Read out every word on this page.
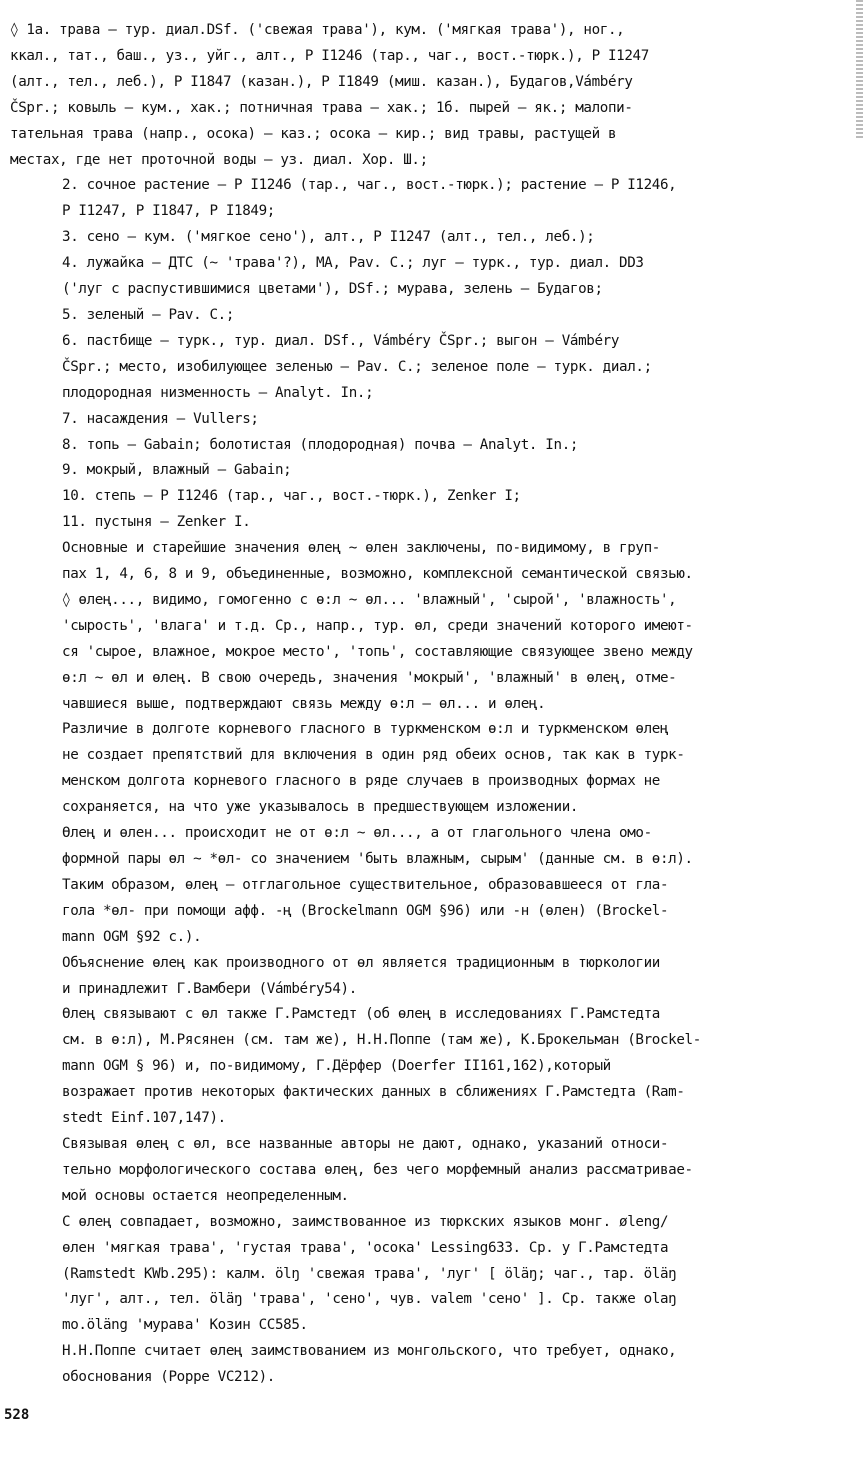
◊ 1а. трава – тур. диал.DSf. ('свежая трава'), кум. ('мягкая трава'), ног.,
ккал., тат., баш., уз., уйг., алт., Р I1246 (тар., чаг., вост.-тюрк.), Р I1247
(алт., тел., леб.), Р I1847 (казан.), Р I1849 (миш. казан.), Будагов,Vámbéry
ČSpr.; ковыль – кум., хак.; потничная трава – хак.; 1б. пырей – як.; малопи-
тательная трава (напр., осока) – каз.; осока – кир.; вид травы, растущей в
местах, где нет проточной воды – уз. диал. Хор. Ш.;

2. сочное растение – Р I1246 (тар., чаг., вост.-тюрк.); растение – Р I1246,
Р I1247, Р I1847, Р I1849;

3. сено – кум. ('мягкое сено'), алт., Р I1247 (алт., тел., леб.);

4. лужайка – ДТС (~ 'трава'?), МА, Pav. C.; луг – турк., тур. диал. DDЗ
('луг с распустившимися цветами'), DSf.; мурава, зелень – Будагов;

5. зеленый – Pav. C.;

6. пастбище – турк., тур. диал. DSf., Vámbéry ČSpr.; выгон – Vámbéry
ČSpr.; место, изобилующее зеленью – Pav. C.; зеленое поле – турк. диал.;
плодородная низменность – Analyt. In.;

7. насаждения – Vullers;

8. топь – Gabain; болотистая (плодородная) почва – Analyt. In.;

9. мокрый, влажный – Gabain;

10. степь – Р I1246 (тар., чаг., вост.-тюрк.), Zenker I;

11. пустыня – Zenker I.

Основные и старейшие значения өлең ~ өлен заключены, по-видимому, в груп-
пах 1, 4, 6, 8 и 9, объединенные, возможно, комплексной семантической связью.
◊ өлең..., видимо, гомогенно с ө:л ~ өл... 'влажный', 'сырой', 'влажность',
'сырость', 'влага' и т.д. Ср., напр., тур. өл, среди значений которого имеют-
ся 'сырое, влажное, мокрое место', 'топь', составляющие связующее звено между
ө:л ~ өл и өлең. В свою очередь, значения 'мокрый', 'влажный' в өлең, отме-
чавшиеся выше, подтверждают связь между ө:л – өл... и өлең.

Различие в долготе корневого гласного в туркменском ө:л и туркменском өлең
не создает препятствий для включения в один ряд обеих основ, так как в турк-
менском долгота корневого гласного в ряде случаев в производных формах не
сохраняется, на что уже указывалось в предшествующем изложении.

Өлең и өлен... происходит не от ө:л ~ өл..., а от глагольного члена омо-
формной пары өл ~ *өл- со значением 'быть влажным, сырым' (данные см. в ө:л).

Таким образом, өлең – отглагольное существительное, образовавшееся от гла-
гола *өл- при помощи афф. -ң (Brockelmann OGM §96) или -н (өлен) (Brockel-
mann OGM §92 c.).

Объяснение өлең как производного от өл является традиционным в тюркологии
и принадлежит Г.Вамбери (Vámbéry54).

Өлең связывают с өл также Г.Рамстедт (об өлең в исследованиях Г.Рамстедта
см. в ө:л), М.Рясянен (см. там же), Н.Н.Поппе (там же), К.Брокельман (Brockel-
mann OGM § 96) и, по-видимому, Г.Дёрфер (Doerfer II161,162),который
возражает против некоторых фактических данных в сближениях Г.Рамстедта (Ram-
stedt Einf.107,147).

Связывая өлең с өл, все названные авторы не дают, однако, указаний относи-
тельно морфологического состава өлең, без чего морфемный анализ рассматривае-
мой основы остается неопределенным.

С өлең совпадает, возможно, заимствованное из тюркских языков монг. øleng/
өлен 'мягкая трава', 'густая трава', 'осока' Lessing633. Ср. у Г.Рамстедта
(Ramstedt KWb.295): калм. ölŋ 'свежая трава', 'луг' [ öläŋ; чаг., тар. öläŋ
'луг', алт., тел. öläŋ 'трава', 'сено', чув. valem 'сено' ]. Ср. также olaŋ
mo.öläng 'мурава' Козин СС585.

Н.Н.Поппе считает өлең заимствованием из монгольского, что требует, однако,
обоснования (Poppe VC212).

528
